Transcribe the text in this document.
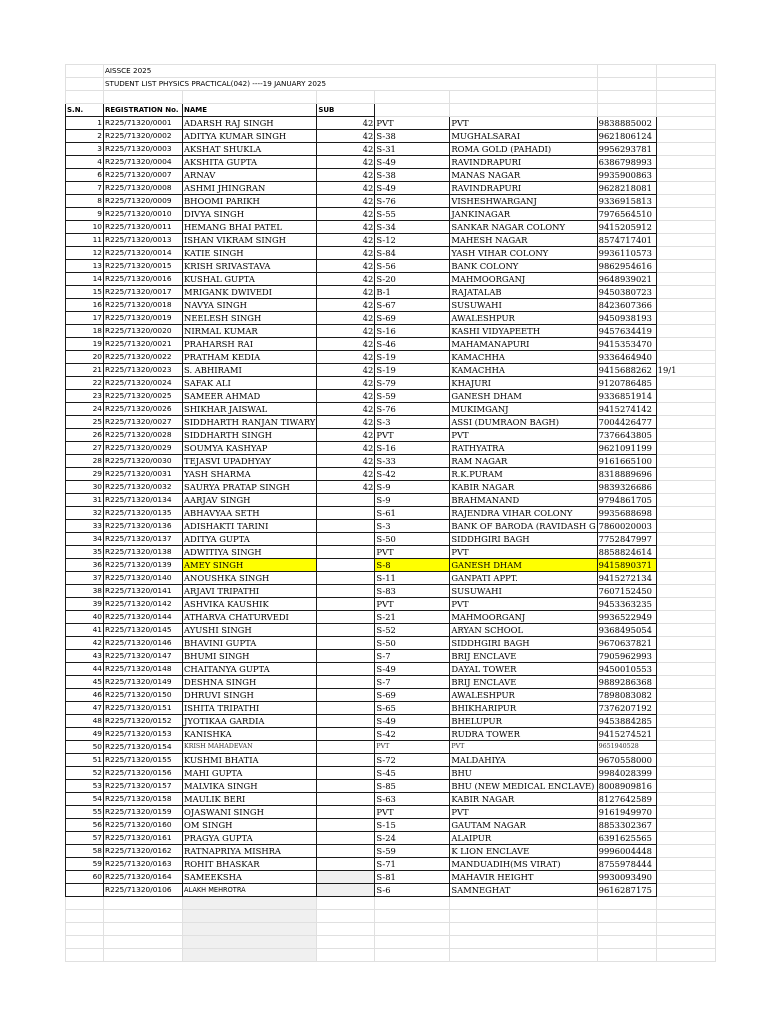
	AISSCE 2025						
	STUDENT LIST PHYSICS PRACTICAL(042) ----19 JANUARY 2025						

S.N.	REGISTRATION No.	NAME	SUB				
1	R225/71320/0001	ADARSH RAJ SINGH	42	PVT	PVT	9838885002	
2	R225/71320/0002	ADITYA KUMAR SINGH	42	S-38	MUGHALSARAI	9621806124	
3	R225/71320/0003	AKSHAT SHUKLA	42	S-31	ROMA GOLD (PAHADI)	9956293781	
4	R225/71320/0004	AKSHITA GUPTA	42	S-49	RAVINDRAPURI	6386798993	
6	R225/71320/0007	ARNAV	42	S-38	MANAS NAGAR	9935900863	
7	R225/71320/0008	ASHMI JHINGRAN	42	S-49	RAVINDRAPURI	9628218081	
8	R225/71320/0009	BHOOMI PARIKH	42	S-76	VISHESHWARGANJ	9336915813	
9	R225/71320/0010	DIVYA SINGH	42	S-55	JANKINAGAR	7976564510	
10	R225/71320/0011	HEMANG BHAI PATEL	42	S-34	SANKAR NAGAR COLONY	9415205912	
11	R225/71320/0013	ISHAN VIKRAM SINGH	42	S-12	MAHESH NAGAR	8574717401	
12	R225/71320/0014	KATIE SINGH	42	S-84	YASH VIHAR COLONY	9936110573	
13	R225/71320/0015	KRISH SRIVASTAVA	42	S-56	BANK COLONY	9862954616	
14	R225/71320/0016	KUSHAL GUPTA	42	S-20	MAHMOORGANJ	9648939021	
15	R225/71320/0017	MRIGANK DWIVEDI	42	B-1	RAJATALAB	9450380723	
16	R225/71320/0018	NAVYA SINGH	42	S-67	SUSUWAHI	8423607366	
17	R225/71320/0019	NEELESH SINGH	42	S-69	AWALESHPUR	9450938193	
18	R225/71320/0020	NIRMAL KUMAR	42	S-16	KASHI VIDYAPEETH	9457634419	
19	R225/71320/0021	PRAHARSH RAI	42	S-46	MAHAMANAPURI	9415353470	
20	R225/71320/0022	PRATHAM KEDIA	42	S-19	KAMACHHA	9336464940	
21	R225/71320/0023	S. ABHIRAMI	42	S-19	KAMACHHA	9415688262	19/1
22	R225/71320/0024	SAFAK ALI	42	S-79	KHAJURI	9120786485	
23	R225/71320/0025	SAMEER AHMAD	42	S-59	GANESH DHAM	9336851914	
24	R225/71320/0026	SHIKHAR JAISWAL	42	S-76	MUKIMGANJ	9415274142	
25	R225/71320/0027	SIDDHARTH RANJAN TIWARY	42	S-3	ASSI (DUMRAON BAGH)	7004426477	
26	R225/71320/0028	SIDDHARTH SINGH	42	PVT	PVT	7376643805	
27	R225/71320/0029	SOUMYA KASHYAP	42	S-16	RATHYATRA	9621091199	
28	R225/71320/0030	TEJASVI UPADHYAY	42	S-33	RAM NAGAR	9161665100	
29	R225/71320/0031	YASH SHARMA	42	S-42	R.K.PURAM	8318889696	
30	R225/71320/0032	SAURYA PRATAP SINGH	42	S-9	KABIR NAGAR	9839326686	
31	R225/71320/0134	AARJAV SINGH		S-9	BRAHMANAND	9794861705	
32	R225/71320/0135	ABHAVYAA SETH		S-61	RAJENDRA VIHAR COLONY	9935688698	
33	R225/71320/0136	ADISHAKTI TARINI		S-3	BANK OF BARODA (RAVIDASH G	7860020003	
34	R225/71320/0137	ADITYA GUPTA		S-50	SIDDHGIRI BAGH	7752847997	
35	R225/71320/0138	ADWITIYA SINGH		PVT	PVT	8858824614	
36	R225/71320/0139	AMEY SINGH		S-8	GANESH DHAM	9415890371	
37	R225/71320/0140	ANOUSHKA SINGH		S-11	GANPATI APPT.	9415272134	
38	R225/71320/0141	ARJAVI TRIPATHI		S-83	SUSUWAHI	7607152450	
39	R225/71320/0142	ASHVIKA KAUSHIK		PVT	PVT	9453363235	
40	R225/71320/0144	ATHARVA CHATURVEDI		S-21	MAHMOORGANJ	9936522949	
41	R225/71320/0145	AYUSHI SINGH		S-52	ARYAN SCHOOL	9368495054	
42	R225/71320/0146	BHAVINI GUPTA		S-50	SIDDHGIRI BAGH	9670637821	
43	R225/71320/0147	BHUMI SINGH		S-7	BRIJ ENCLAVE	7905962993	
44	R225/71320/0148	CHAITANYA GUPTA		S-49	DAYAL TOWER	9450010553	
45	R225/71320/0149	DESHNA SINGH		S-7	BRIJ ENCLAVE	9889286368	
46	R225/71320/0150	DHRUVI SINGH		S-69	AWALESHPUR	7898083082	
47	R225/71320/0151	ISHITA TRIPATHI		S-65	BHIKHARIPUR	7376207192	
48	R225/71320/0152	JYOTIKAA GARDIA		S-49	BHELUPUR	9453884285	
49	R225/71320/0153	KANISHKA		S-42	RUDRA TOWER	9415274521	
50	R225/71320/0154	KRISH MAHADEVAN		PVT	PVT	9651940528	
51	R225/71320/0155	KUSHMI BHATIA		S-72	MALDAHIYA	9670558000	
52	R225/71320/0156	MAHI GUPTA		S-45	BHU	9984028399	
53	R225/71320/0157	MALVIKA SINGH		S-85	BHU (NEW MEDICAL ENCLAVE)	8008909816	
54	R225/71320/0158	MAULIK BERI		S-63	KABIR NAGAR	8127642589	
55	R225/71320/0159	OJASWANI SINGH		PVT	PVT	9161949970	
56	R225/71320/0160	OM SINGH		S-15	GAUTAM NAGAR	8853302367	
57	R225/71320/0161	PRAGYA GUPTA		S-24	ALAIPUR	6391625565	
58	R225/71320/0162	RATNAPRIYA MISHRA		S-59	K LION ENCLAVE	9996004448	
59	R225/71320/0163	ROHIT BHASKAR		S-71	MANDUADIH(MS VIRAT)	8755978444	
60	R225/71320/0164	SAMEEKSHA		S-81	MAHAVIR HEIGHT	9930093490	
	R225/71320/0106	ALAKH MEHROTRA		S-6	SAMNEGHAT	9616287175	
